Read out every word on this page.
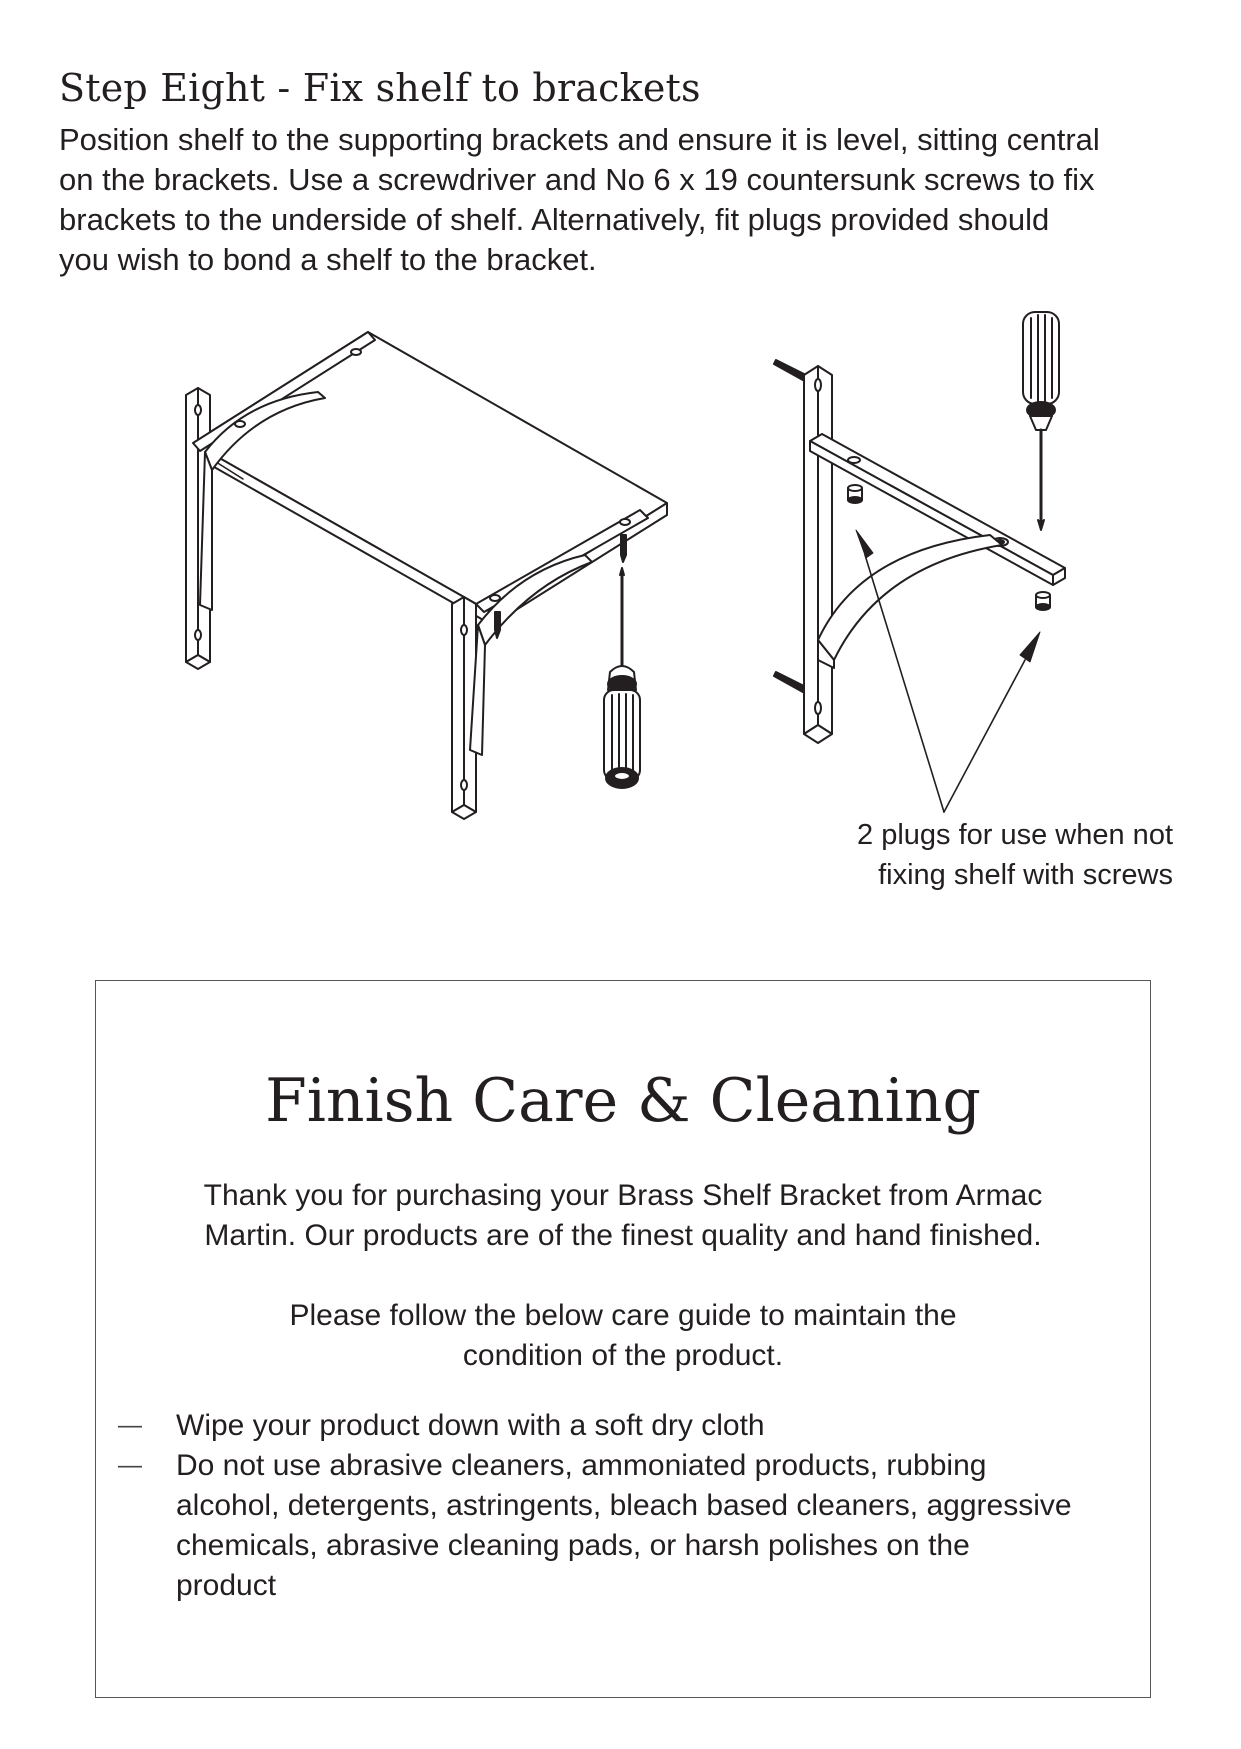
Step Eight - Fix shelf to brackets

Position shelf to the supporting brackets and ensure it is level, sitting central
on the brackets. Use a screwdriver and No 6 x 19 countersunk screws to fix
brackets to the underside of shelf. Alternatively, fit plugs provided should
you wish to bond a shelf to the bracket.

2 plugs for use when not
fixing shelf with screws
Finish Care & Cleaning

Thank you for purchasing your Brass Shelf Bracket from Armac
Martin. Our products are of the finest quality and hand finished.

Please follow the below care guide to maintain the
condition of the product.

— Wipe your product down with a soft dry cloth
— Do not use abrasive cleaners, ammoniated products, rubbing
alcohol, detergents, astringents, bleach based cleaners, aggressive
chemicals, abrasive cleaning pads, or harsh polishes on the
product
